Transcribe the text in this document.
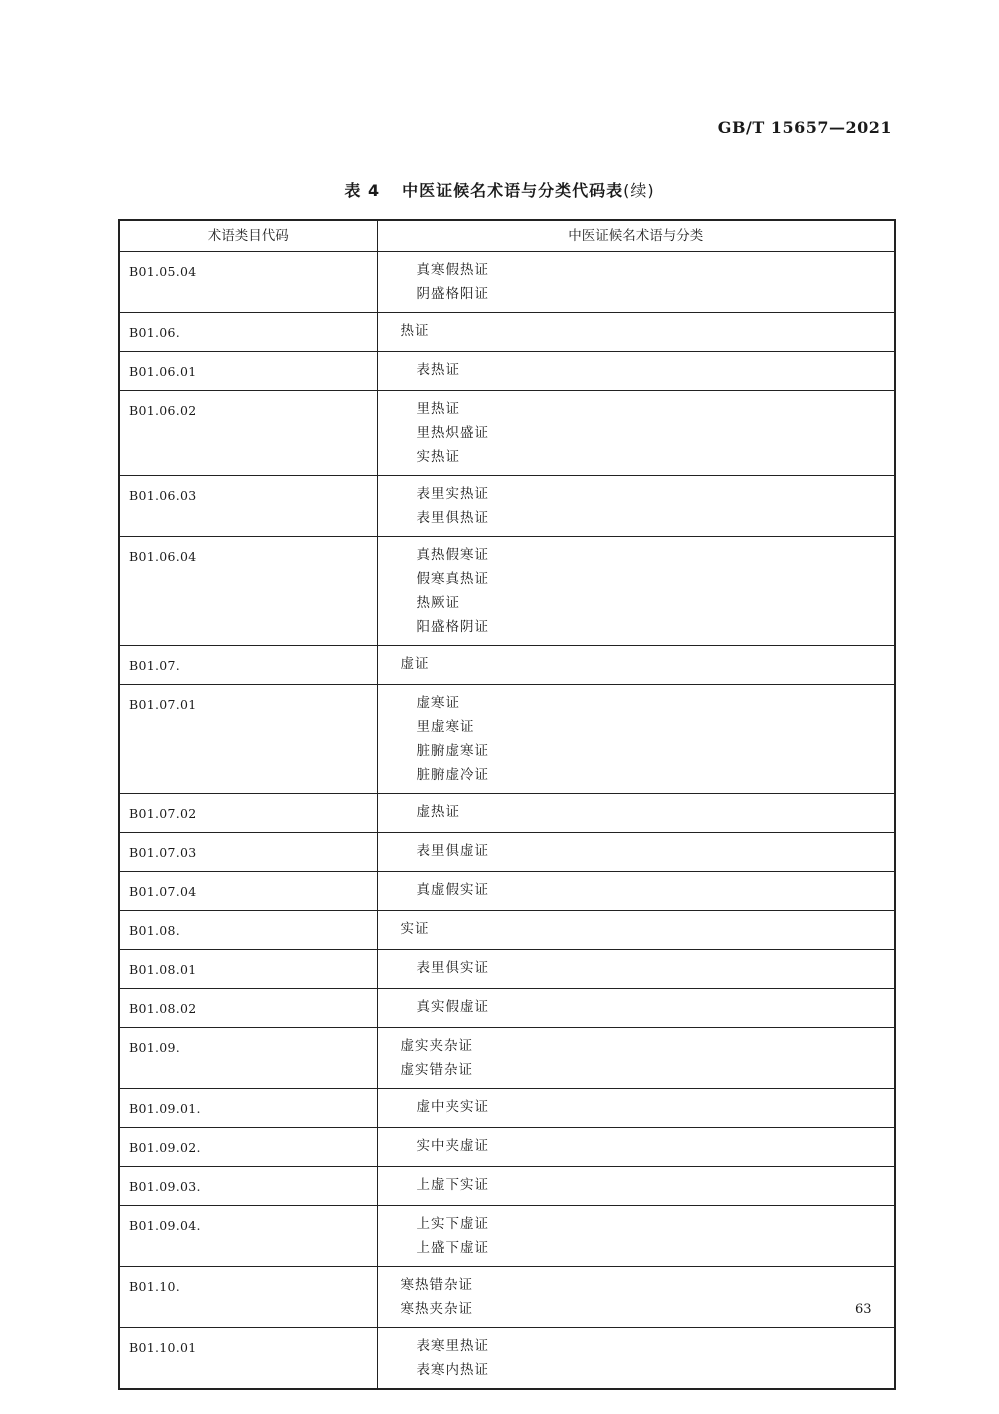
GB/T 15657—2021
表 4 中医证候名术语与分类代码表(续)
术语类目代码	中医证候名术语与分类

B01.05.04	真寒假热证
阴盛格阳证

B01.06.	热证

B01.06.01	表热证

B01.06.02	里热证
里热炽盛证
实热证

B01.06.03	表里实热证
表里俱热证

B01.06.04	真热假寒证
假寒真热证
热厥证
阳盛格阴证

B01.07.	虚证

B01.07.01	虚寒证
里虚寒证
脏腑虚寒证
脏腑虚冷证

B01.07.02	虚热证

B01.07.03	表里俱虚证

B01.07.04	真虚假实证

B01.08.	实证

B01.08.01	表里俱实证

B01.08.02	真实假虚证

B01.09.	虚实夹杂证
虚实错杂证

B01.09.01.	虚中夹实证

B01.09.02.	实中夹虚证

B01.09.03.	上虚下实证

B01.09.04.	上实下虚证
上盛下虚证

B01.10.	寒热错杂证
寒热夹杂证

B01.10.01	表寒里热证
表寒内热证
63
